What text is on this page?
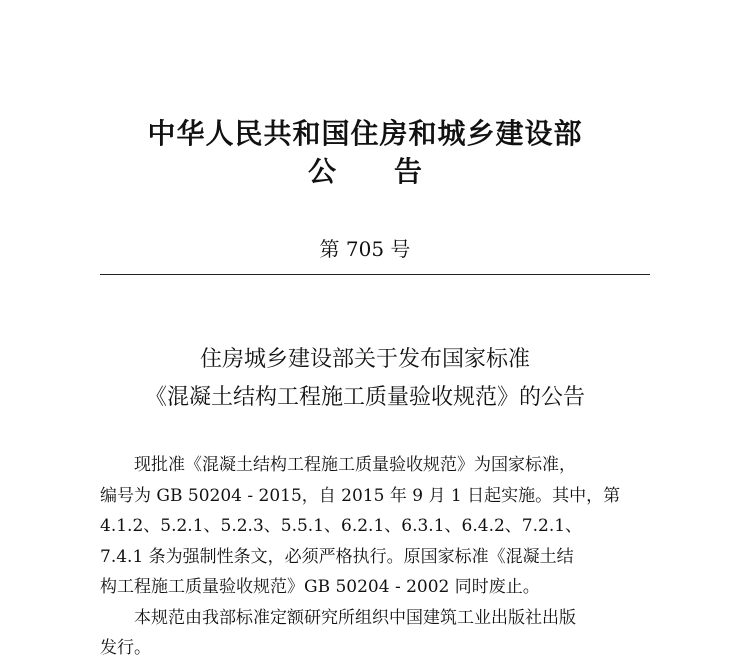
中华人民共和国住房和城乡建设部
公告
第 705 号
住房城乡建设部关于发布国家标准
《混凝土结构工程施工质量验收规范》的公告

现批准《混凝土结构工程施工质量验收规范》为国家标准，

编号为 GB 50204 - 2015，自 2015 年 9 月 1 日起实施。其中，第

4.1.2、5.2.1、5.2.3、5.5.1、6.2.1、6.3.1、6.4.2、7.2.1、

7.4.1 条为强制性条文，必须严格执行。原国家标准《混凝土结

构工程施工质量验收规范》GB 50204 - 2002 同时废止。

本规范由我部标准定额研究所组织中国建筑工业出版社出版

发行。
